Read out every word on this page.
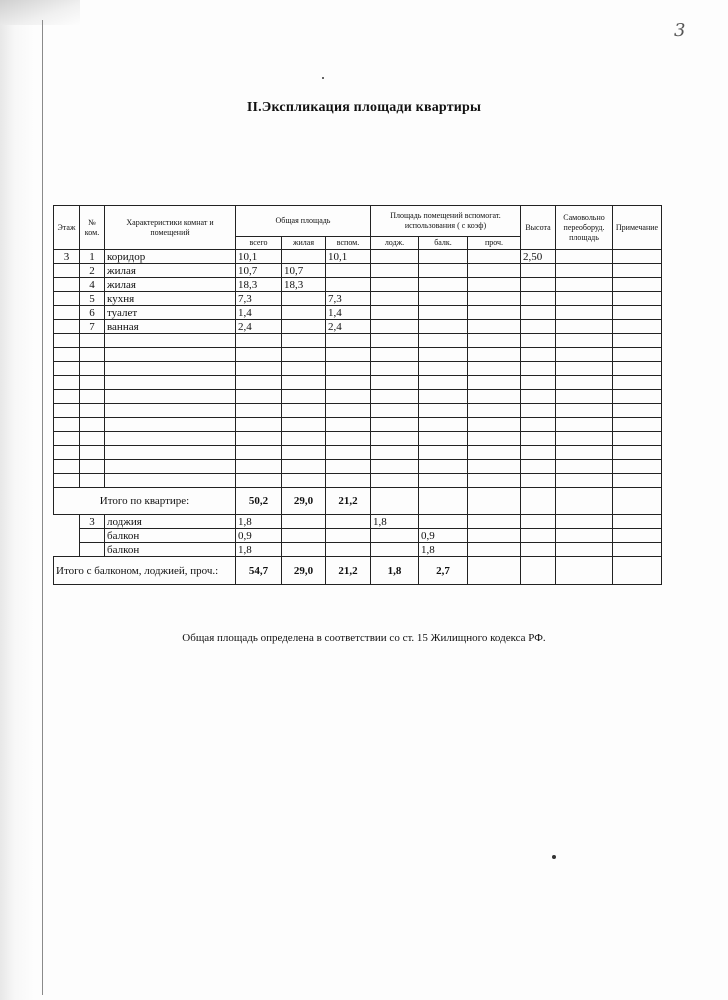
3
II.Экспликация площади квартиры
Этаж	№ ком.	Характеристики комнат и помещений	Общая площадь			Площадь помещений вспомогат. использования ( с коэф)			Высота	Самовольно переоборуд. площадь	Примечание
			всего	жилая	вспом.	лодж.	балк.	проч.			
3	1	коридор	10,1		10,1				2,50		
	2	жилая	10,7	10,7							
	4	жилая	18,3	18,3							
	5	кухня	7,3		7,3						
	6	туалет	1,4		1,4						
	7	ванная	2,4		2,4						

Итого по квартире:			50,2	29,0	21,2						
	3	лоджия	1,8			1,8					
		балкон	0,9				0,9				
		балкон	1,8				1,8				
Итого с балконом, лоджией, проч.:			54,7	29,0	21,2	1,8	2,7				
Общая площадь определена в соответствии со ст. 15 Жилищного кодекса РФ.
